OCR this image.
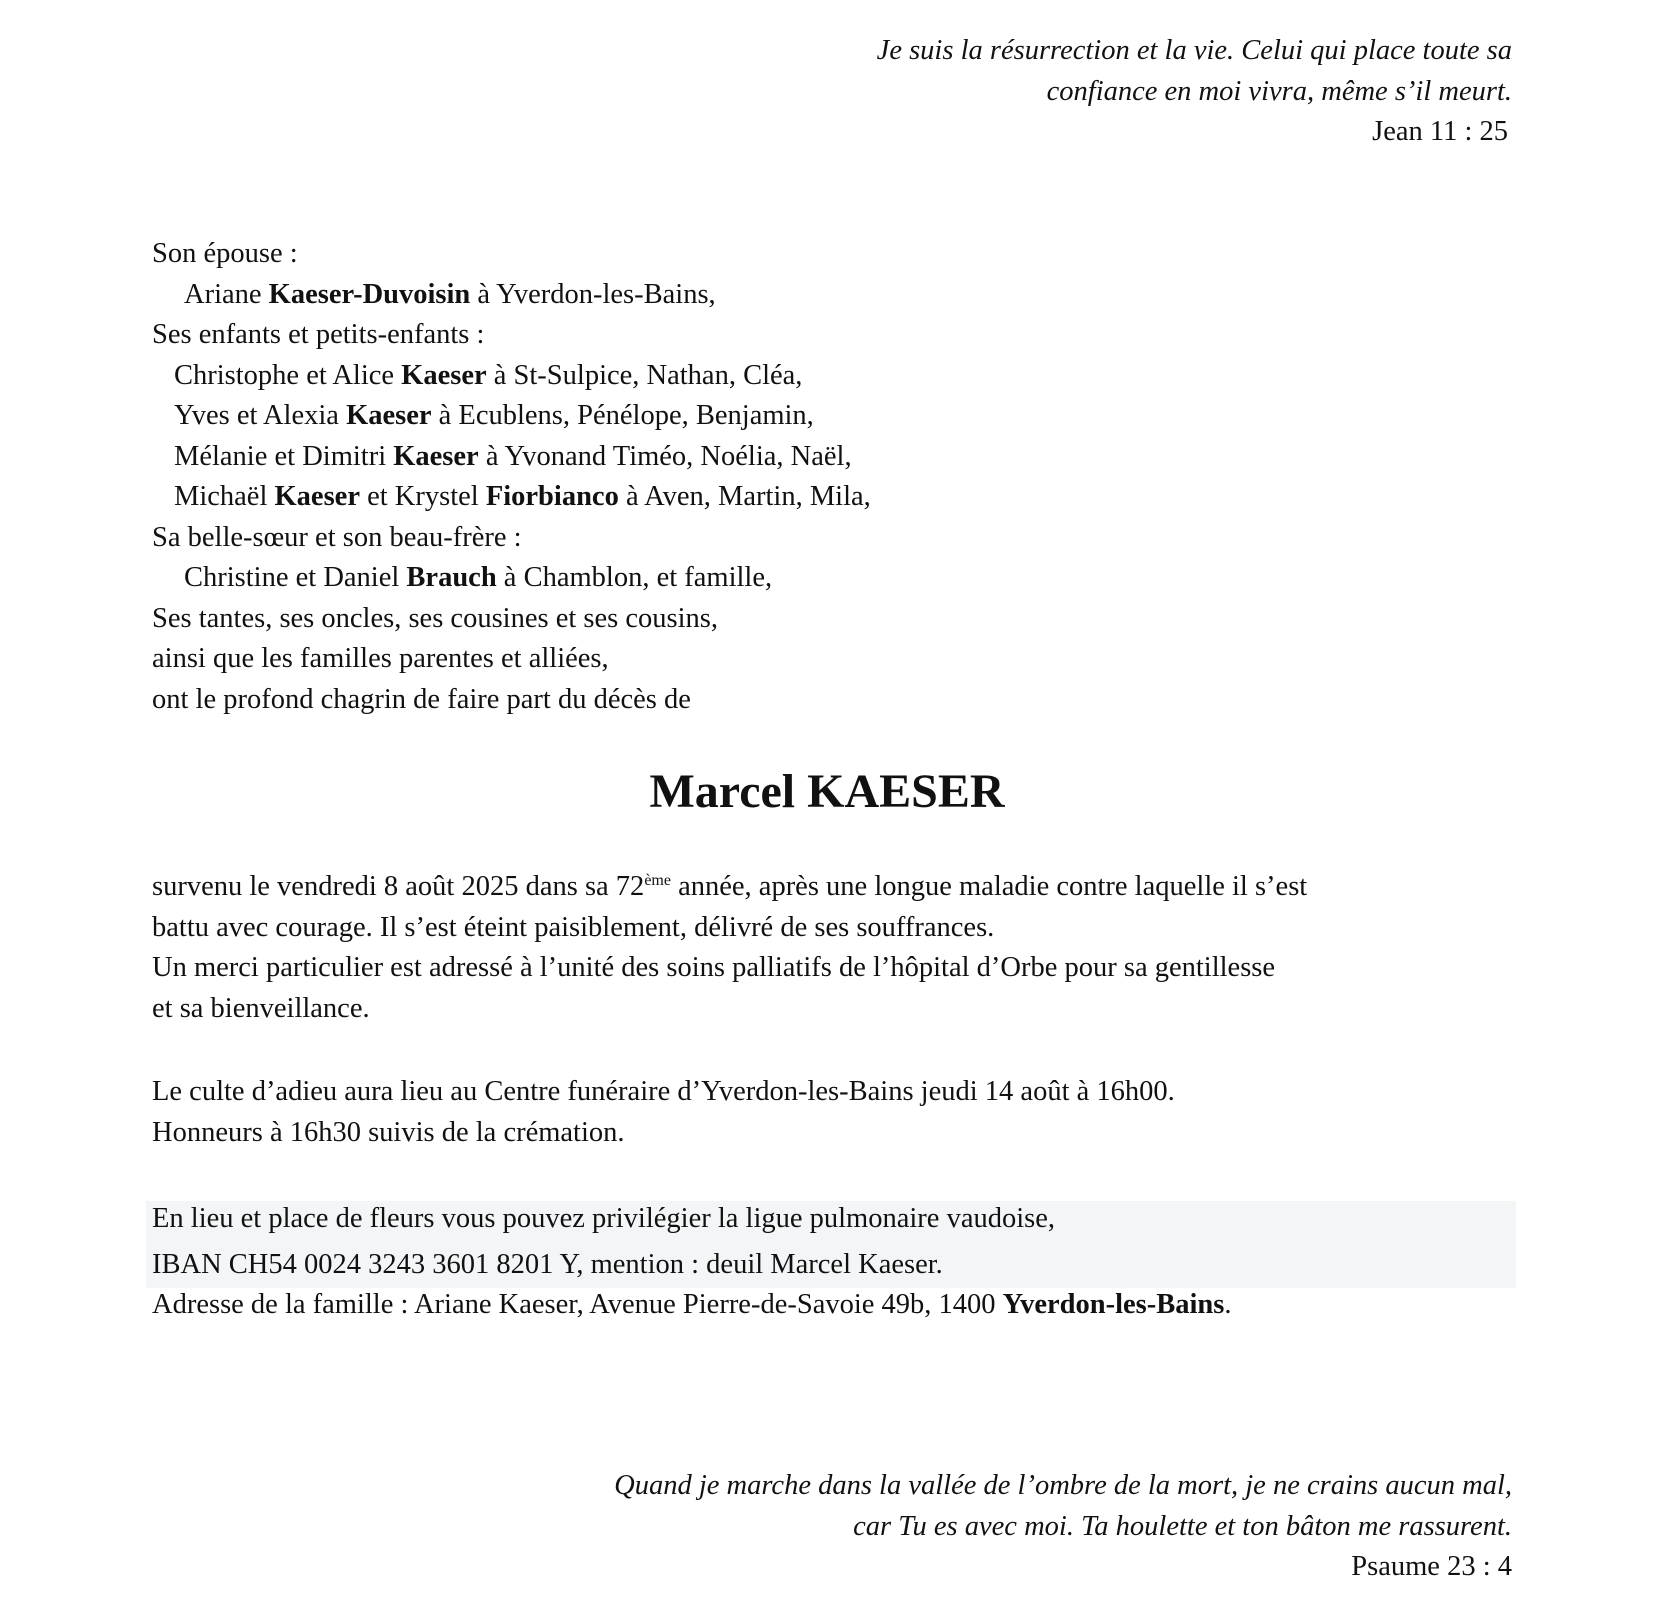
Je suis la résurrection et la vie. Celui qui place toute sa
confiance en moi vivra, même s’il meurt.
Jean 11 : 25
Son épouse :
Ariane Kaeser-Duvoisin à Yverdon-les-Bains,
Ses enfants et petits-enfants :
Christophe et Alice Kaeser à St-Sulpice, Nathan, Cléa,
Yves et Alexia Kaeser à Ecublens, Pénélope, Benjamin,
Mélanie et Dimitri Kaeser à Yvonand Timéo, Noélia, Naël,
Michaël Kaeser et Krystel Fiorbianco à Aven, Martin, Mila,
Sa belle-sœur et son beau-frère :
Christine et Daniel Brauch à Chamblon, et famille,
Ses tantes, ses oncles, ses cousines et ses cousins,
ainsi que les familles parentes et alliées,
ont le profond chagrin de faire part du décès de
Marcel KAESER
survenu le vendredi 8 août 2025 dans sa 72ème année, après une longue maladie contre laquelle il s’est
battu avec courage. Il s’est éteint paisiblement, délivré de ses souffrances.
Un merci particulier est adressé à l’unité des soins palliatifs de l’hôpital d’Orbe pour sa gentillesse
et sa bienveillance.
Le culte d’adieu aura lieu au Centre funéraire d’Yverdon-les-Bains jeudi 14 août à 16h00.
Honneurs à 16h30 suivis de la crémation.
En lieu et place de fleurs vous pouvez privilégier la ligue pulmonaire vaudoise,
IBAN CH54 0024 3243 3601 8201 Y, mention : deuil Marcel Kaeser.
Adresse de la famille : Ariane Kaeser, Avenue Pierre-de-Savoie 49b, 1400 Yverdon-les-Bains.
Quand je marche dans la vallée de l’ombre de la mort, je ne crains aucun mal,
car Tu es avec moi. Ta houlette et ton bâton me rassurent.
Psaume 23 : 4
